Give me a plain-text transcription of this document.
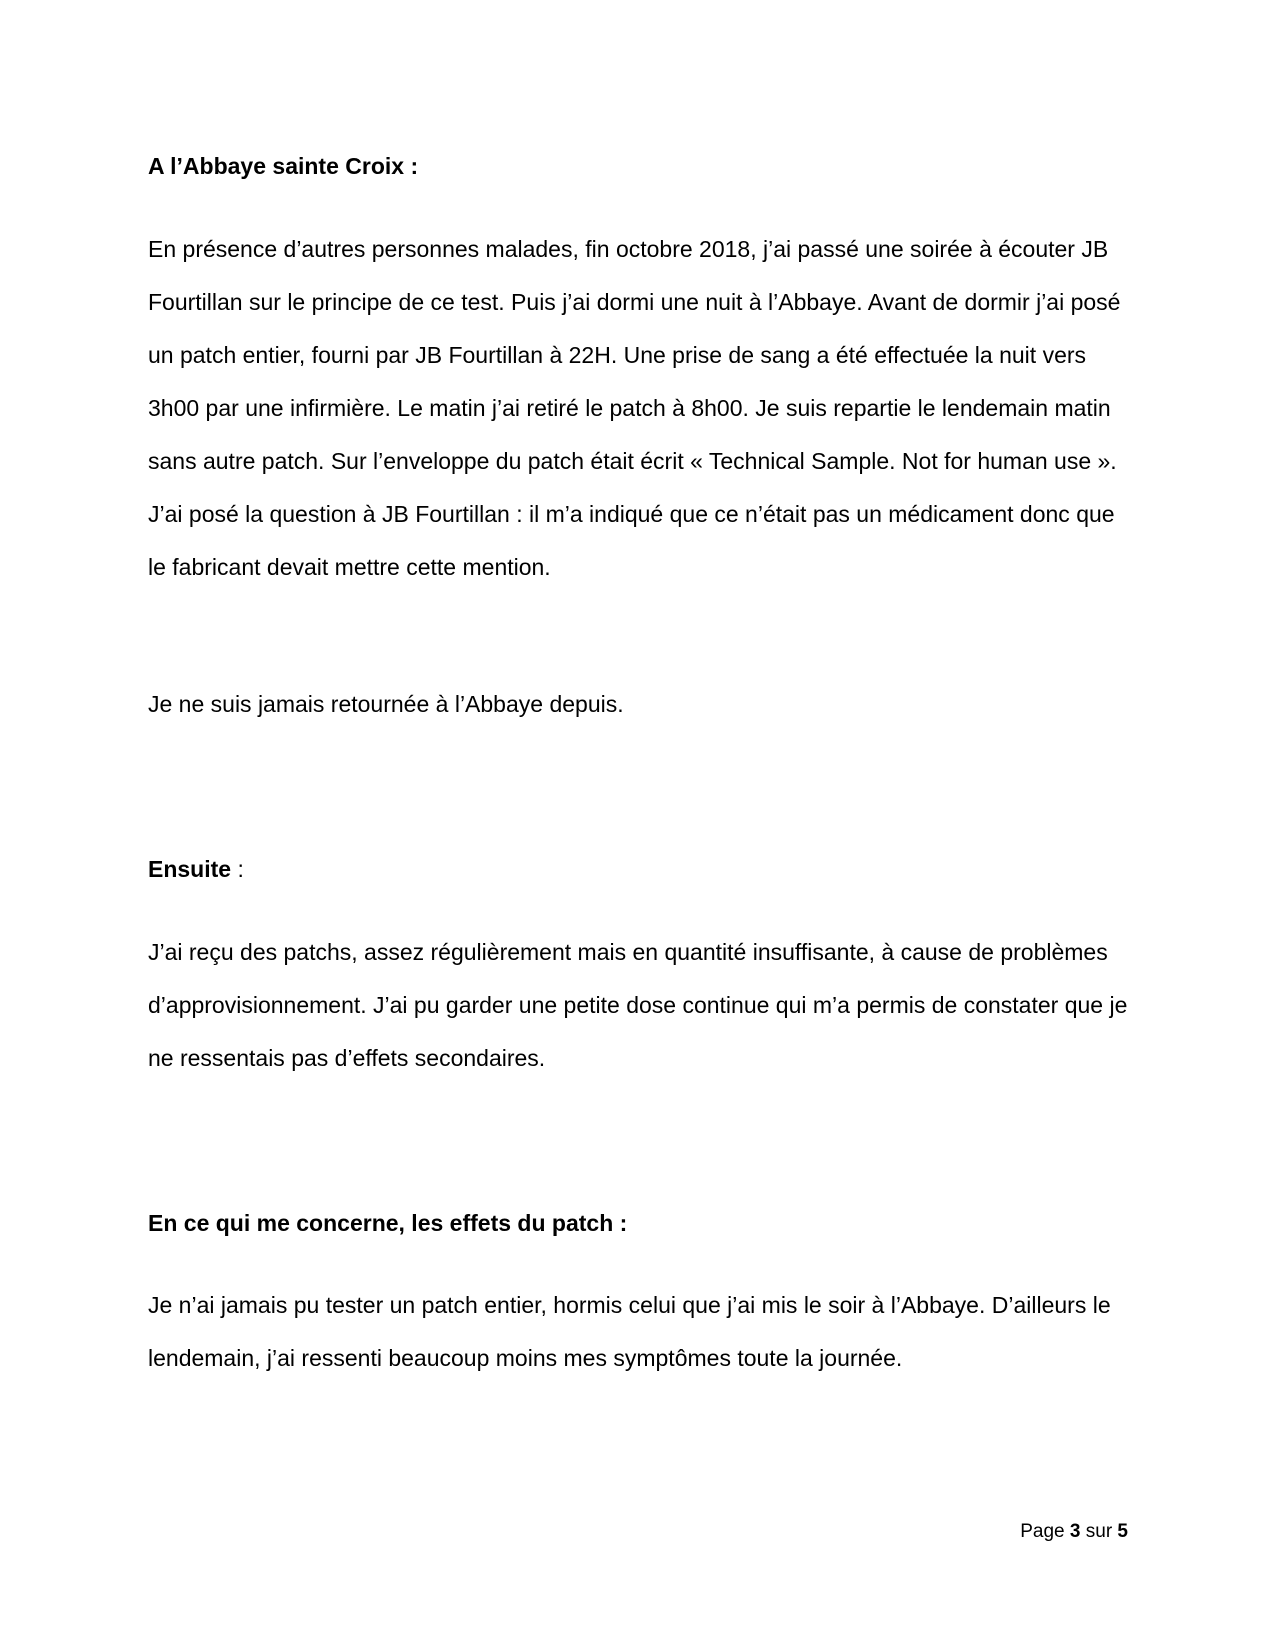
A l’Abbaye sainte Croix :

En présence d’autres personnes malades, fin octobre 2018, j’ai passé une soirée à écouter JB Fourtillan sur le principe de ce test. Puis j’ai dormi une nuit à l’Abbaye. Avant de dormir j’ai posé un patch entier, fourni par JB Fourtillan à 22H. Une prise de sang a été effectuée la nuit vers 3h00 par une infirmière. Le matin j’ai retiré le patch à 8h00. Je suis repartie le lendemain matin sans autre patch. Sur l’enveloppe du patch était écrit « Technical Sample. Not for human use ». J’ai posé la question à JB Fourtillan : il m’a indiqué que ce n’était pas un médicament donc que le fabricant devait mettre cette mention.

Je ne suis jamais retournée à l’Abbaye depuis.

Ensuite :

J’ai reçu des patchs, assez régulièrement mais en quantité insuffisante, à cause de problèmes d’approvisionnement. J’ai pu garder une petite dose continue qui m’a permis de constater que je ne ressentais pas d’effets secondaires.

En ce qui me concerne, les effets du patch :

Je n’ai jamais pu tester un patch entier, hormis celui que j’ai mis le soir à l’Abbaye. D’ailleurs le lendemain, j’ai ressenti beaucoup moins mes symptômes toute la journée.

Page 3 sur 5
